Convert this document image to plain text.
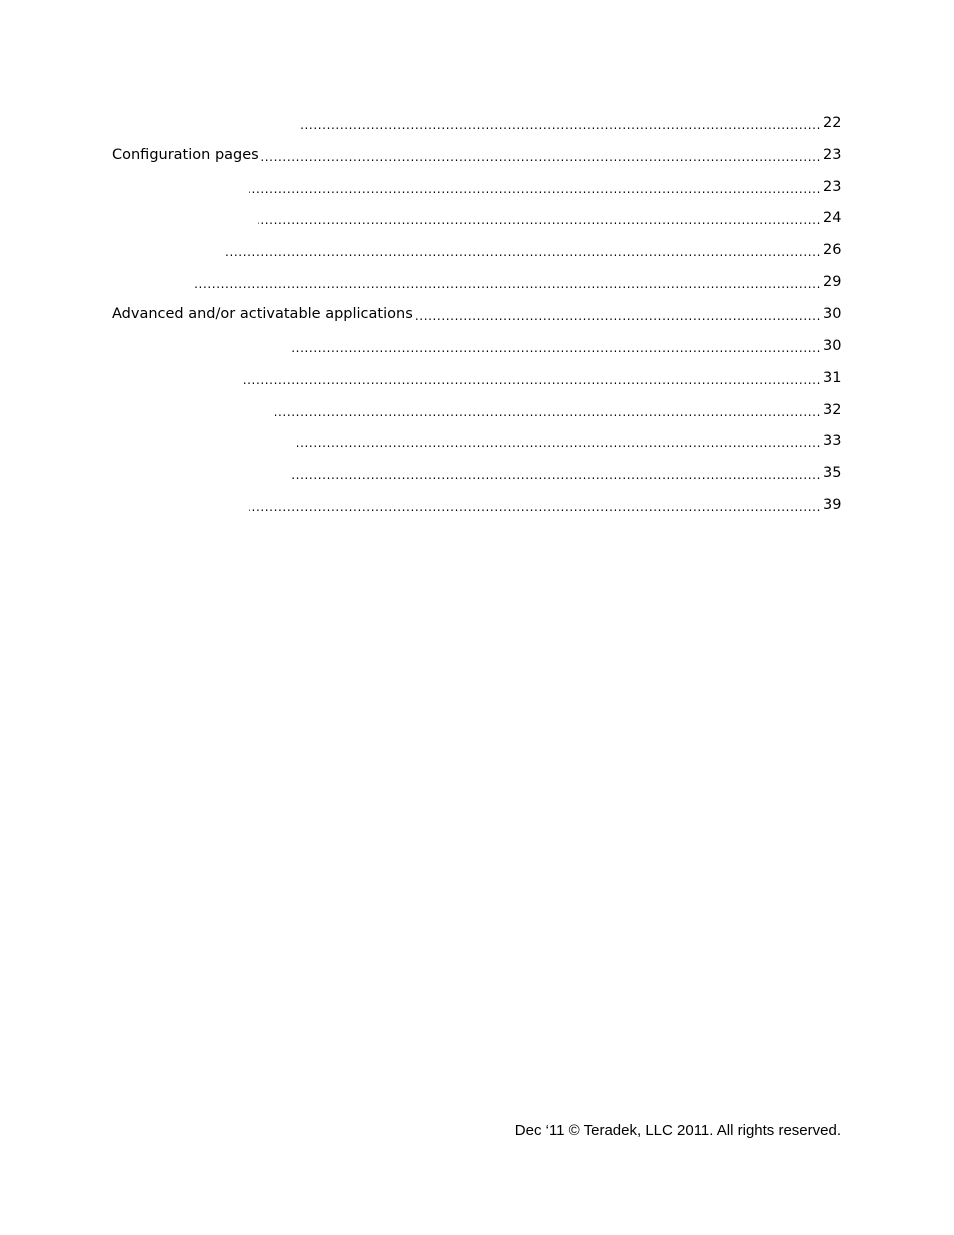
.....
22
Configuration pages .....	23
.....
23
.....
24
.....
26
.....
29
Advanced and/or activatable applications .....	30
.....
30
.....
31
.....
32
.....
33
.....
35
.....
39
Dec ‘11 © Teradek, LLC 2011. All rights reserved.
